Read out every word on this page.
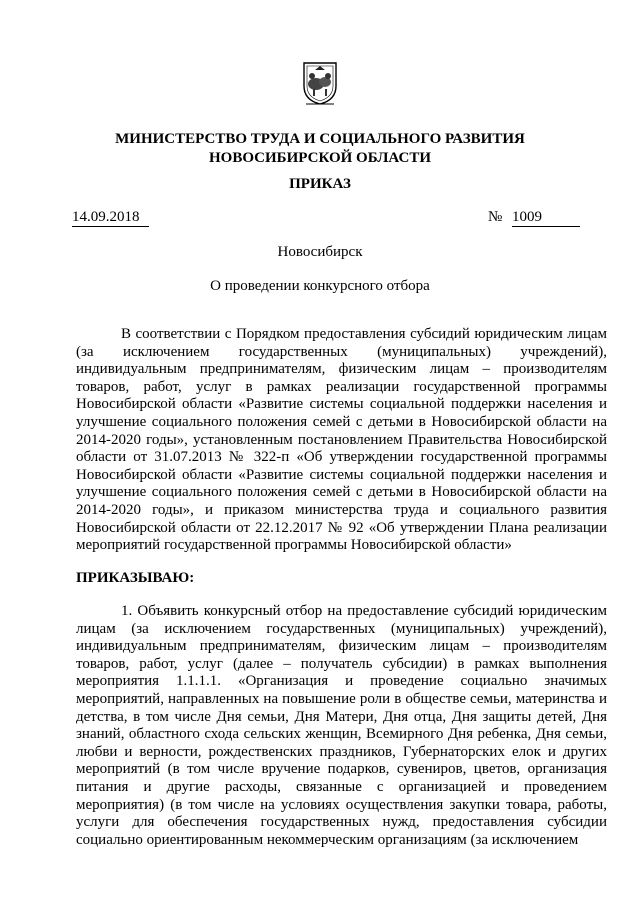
МИНИСТЕРСТВО ТРУДА И СОЦИАЛЬНОГО РАЗВИТИЯ
НОВОСИБИРСКОЙ ОБЛАСТИ
ПРИКАЗ
14.09.2018	№ 1009
Новосибирск
О проведении конкурсного отбора
В соответствии с Порядком предоставления субсидий юридическим лицам (за исключением государственных (муниципальных) учреждений), индивидуальным предпринимателям, физическим лицам – производителям товаров, работ, услуг в рамках реализации государственной программы Новосибирской области «Развитие системы социальной поддержки населения и улучшение социального положения семей с детьми в Новосибирской области на 2014-2020 годы», установленным постановлением Правительства Новосибирской области от 31.07.2013 № 322-п «Об утверждении государственной программы Новосибирской области «Развитие системы социальной поддержки населения и улучшение социального положения семей с детьми в Новосибирской области на 2014-2020 годы», и приказом министерства труда и социального развития Новосибирской области от 22.12.2017 № 92 «Об утверждении Плана реализации мероприятий государственной программы Новосибирской области»
ПРИКАЗЫВАЮ:
1. Объявить конкурсный отбор на предоставление субсидий юридическим лицам (за исключением государственных (муниципальных) учреждений), индивидуальным предпринимателям, физическим лицам – производителям товаров, работ, услуг (далее – получатель субсидии) в рамках выполнения мероприятия 1.1.1.1. «Организация и проведение социально значимых мероприятий, направленных на повышение роли в обществе семьи, материнства и детства, в том числе Дня семьи, Дня Матери, Дня отца, Дня защиты детей, Дня знаний, областного схода сельских женщин, Всемирного Дня ребенка, Дня семьи, любви и верности, рождественских праздников, Губернаторских елок и других мероприятий (в том числе вручение подарков, сувениров, цветов, организация питания и другие расходы, связанные с организацией и проведением мероприятия) (в том числе на условиях осуществления закупки товара, работы, услуги для обеспечения государственных нужд, предоставления субсидии социально ориентированным некоммерческим организациям (за исключением
